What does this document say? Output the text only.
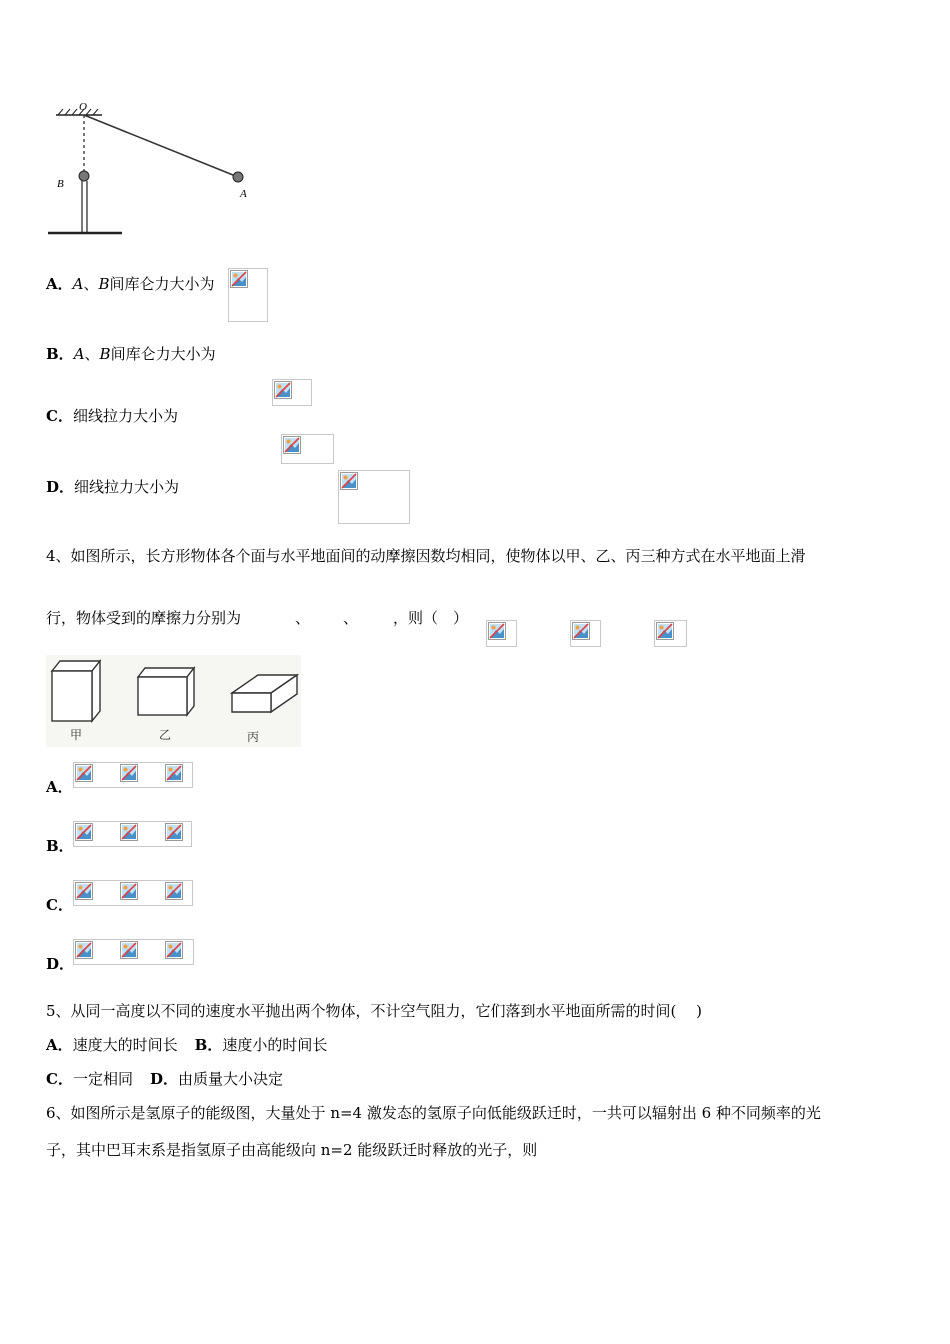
O
B
A
A．A、B间库仑力大小为

B．A、B间库仑力大小为

C．细线拉力大小为

D．细线拉力大小为

4、如图所示，长方形物体各个面与水平地面间的动摩擦因数均相同，使物体以甲、乙、丙三种方式在水平地面上滑
行，物体受到的摩擦力分别为
	、
、 ，则（　）
甲	乙	丙
A．
B．
C．
D．
5、从同一高度以不同的速度水平抛出两个物体，不计空气阻力，它们落到水平地面所需的时间(　 )
A．速度大的时间长 B．速度小的时间长
C．一定相同 D．由质量大小决定
6、如图所示是氢原子的能级图，大量处于 n=4 激发态的氢原子向低能级跃迁时，一共可以辐射出 6 种不同频率的光
子，其中巴耳末系是指氢原子由高能级向 n=2 能级跃迁时释放的光子，则
